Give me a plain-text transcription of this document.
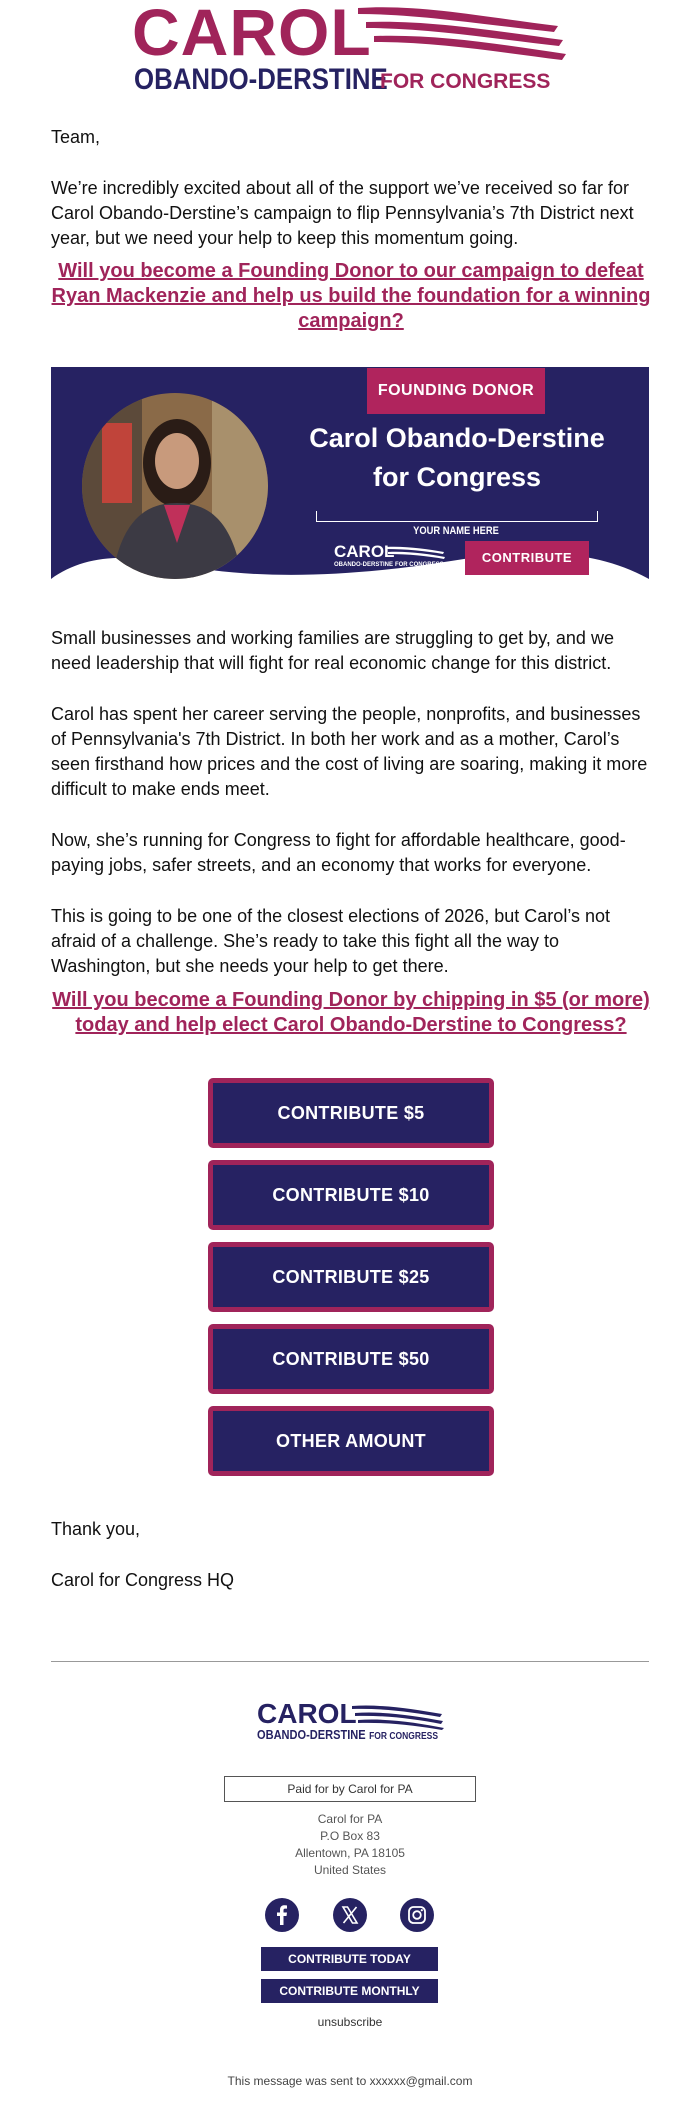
CAROL
OBANDO-DERSTINE
FOR CONGRESS

Team,

We’re incredibly excited about all of the support we’ve received so far for Carol Obando-Derstine’s campaign to flip Pennsylvania’s 7th District next year, but we need your help to keep this momentum going.

Will you become a Founding Donor to our campaign to defeat Ryan Mackenzie and help us build the foundation for a winning campaign?

FOUNDING DONOR
Carol Obando-Derstine
for Congress
YOUR NAME HERE
CAROL
OBANDO-DERSTINE FOR CONGRESS	CONTRIBUTE

Small businesses and working families are struggling to get by, and we need leadership that will fight for real economic change for this district.

Carol has spent her career serving the people, nonprofits, and businesses of Pennsylvania's 7th District. In both her work and as a mother, Carol’s seen firsthand how prices and the cost of living are soaring, making it more difficult to make ends meet.

Now, she’s running for Congress to fight for affordable healthcare, good-paying jobs, safer streets, and an economy that works for everyone.

This is going to be one of the closest elections of 2026, but Carol’s not afraid of a challenge. She’s ready to take this fight all the way to Washington, but she needs your help to get there.

Will you become a Founding Donor by chipping in $5 (or more) today and help elect Carol Obando-Derstine to Congress?

CONTRIBUTE $5
CONTRIBUTE $10
CONTRIBUTE $25
CONTRIBUTE $50
OTHER AMOUNT

Thank you,

Carol for Congress HQ

CAROL
OBANDO-DERSTINE FOR CONGRESS
Paid for by Carol for PA
Carol for PA
P.O Box 83
Allentown, PA 18105
United States
CONTRIBUTE TODAY
CONTRIBUTE MONTHLY
unsubscribe
This message was sent to xxxxxx@gmail.com
